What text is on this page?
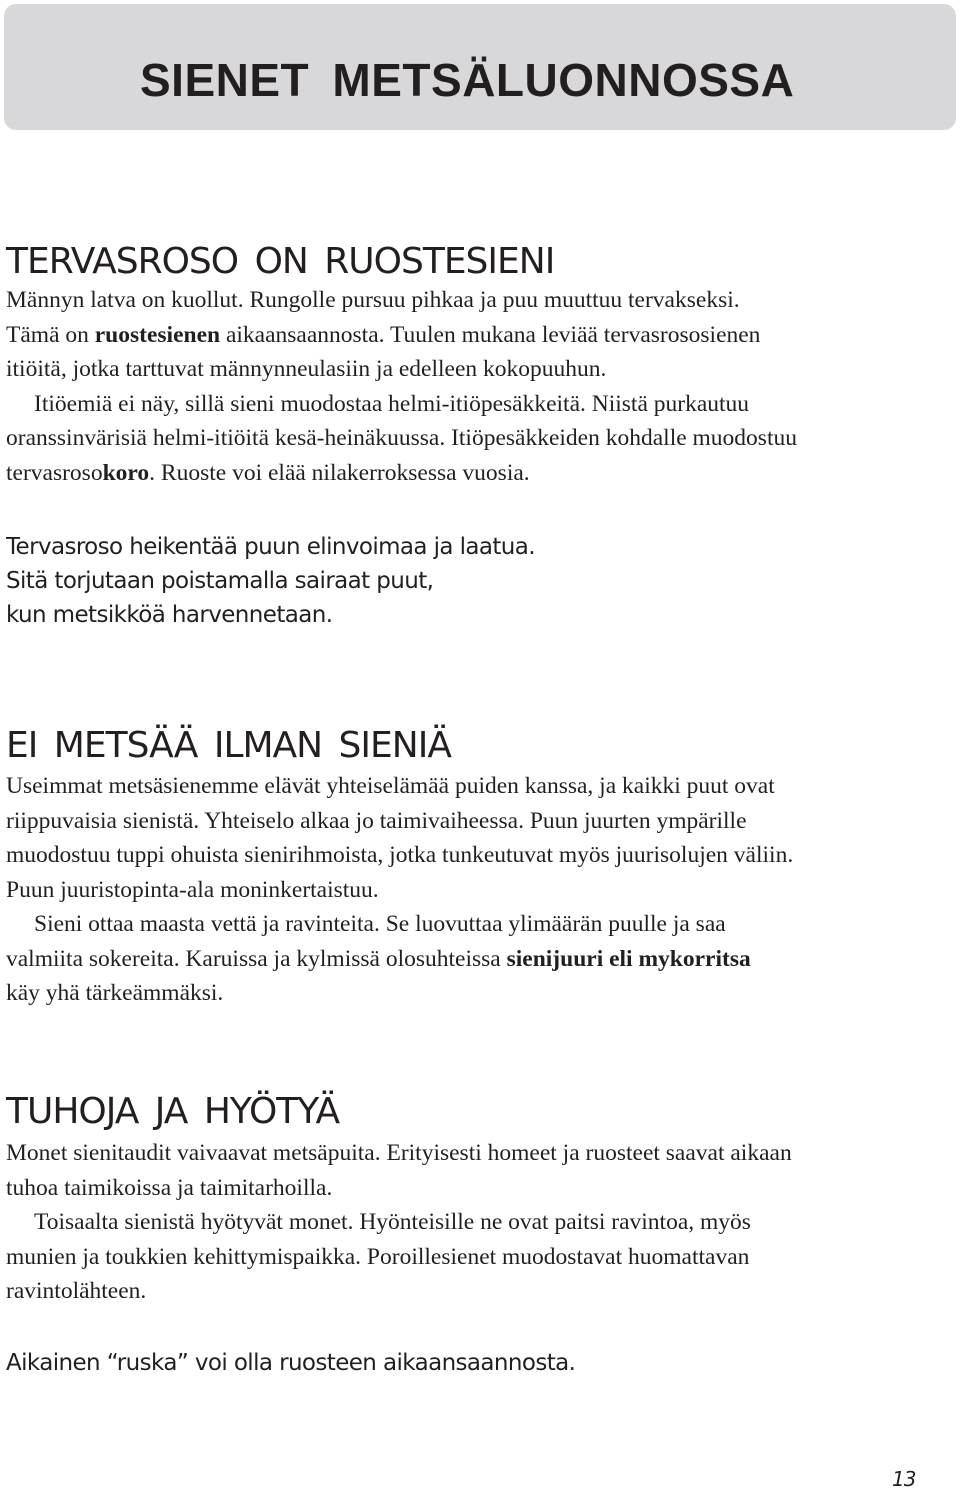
SIENET METSÄLUONNOSSA
TERVASROSO ON RUOSTESIENI
Männyn latva on kuollut. Rungolle pursuu pihkaa ja puu muuttuu tervakseksi.
Tämä on ruostesienen aikaansaannosta. Tuulen mukana leviää tervasrososienen
itiöitä, jotka tarttuvat männynneulasiin ja edelleen kokopuuhun.
Itiöemiä ei näy, sillä sieni muodostaa helmi-itiöpesäkkeitä. Niistä purkautuu
oranssinvärisiä helmi-itiöitä kesä-heinäkuussa. Itiöpesäkkeiden kohdalle muodostuu
tervasrosokoro. Ruoste voi elää nilakerroksessa vuosia.
Tervasroso heikentää puun elinvoimaa ja laatua.
Sitä torjutaan poistamalla sairaat puut,
kun metsikköä harvennetaan.
EI METSÄÄ ILMAN SIENIÄ
Useimmat metsäsienemme elävät yhteiselämää puiden kanssa, ja kaikki puut ovat
riippuvaisia sienistä. Yhteiselo alkaa jo taimivaiheessa. Puun juurten ympärille
muodostuu tuppi ohuista sienirihmoista, jotka tunkeutuvat myös juurisolujen väliin.
Puun juuristopinta-ala moninkertaistuu.
Sieni ottaa maasta vettä ja ravinteita. Se luovuttaa ylimäärän puulle ja saa
valmiita sokereita. Karuissa ja kylmissä olosuhteissa sienijuuri eli mykorritsa
käy yhä tärkeämmäksi.
TUHOJA JA HYÖTYÄ
Monet sienitaudit vaivaavat metsäpuita. Erityisesti homeet ja ruosteet saavat aikaan
tuhoa taimikoissa ja taimitarhoilla.
Toisaalta sienistä hyötyvät monet. Hyönteisille ne ovat paitsi ravintoa, myös
munien ja toukkien kehittymispaikka. Poroillesienet muodostavat huomattavan
ravintolähteen.
Aikainen “ruska” voi olla ruosteen aikaansaannosta.

13
